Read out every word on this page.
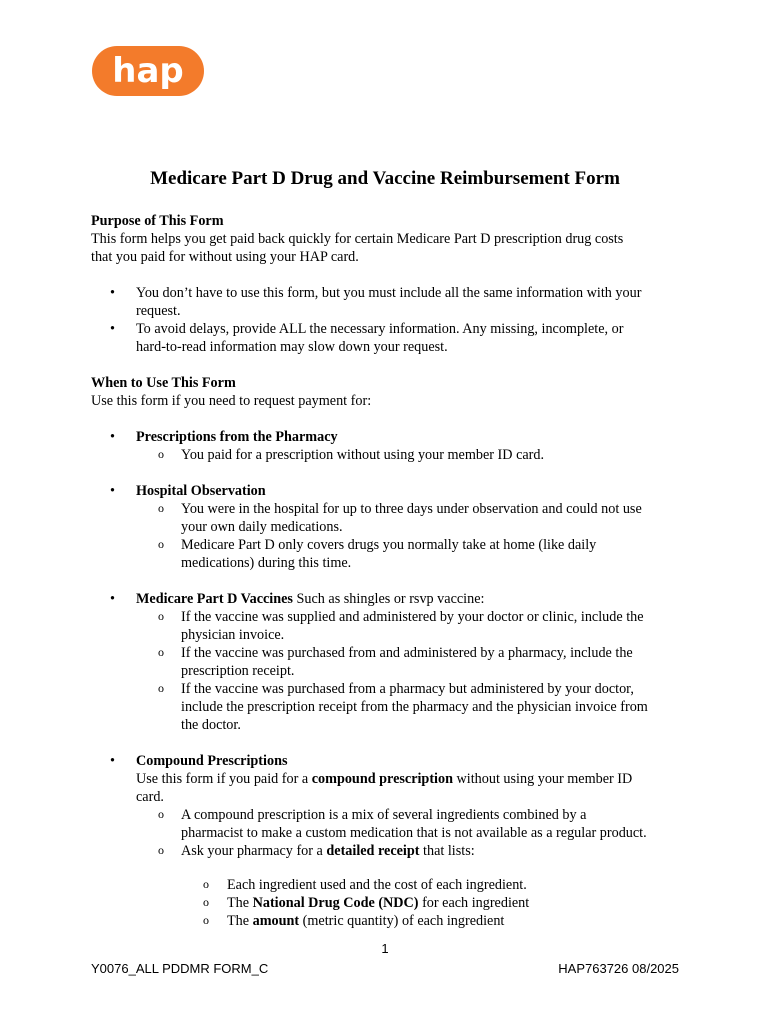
hap
Medicare Part D Drug and Vaccine Reimbursement Form

Purpose of This Form

This form helps you get paid back quickly for certain Medicare Part D prescription drug costs

that you paid for without using your HAP card.

• You don’t have to use this form, but you must include all the same information with your
request.
• To avoid delays, provide ALL the necessary information. Any missing, incomplete, or
hard-to-read information may slow down your request.

When to Use This Form

Use this form if you need to request payment for:

• Prescriptions from the Pharmacy
o You paid for a prescription without using your member ID card.
• Hospital Observation
o You were in the hospital for up to three days under observation and could not use
your own daily medications.
o Medicare Part D only covers drugs you normally take at home (like daily
medications) during this time.
• Medicare Part D Vaccines Such as shingles or rsvp vaccine:
o If the vaccine was supplied and administered by your doctor or clinic, include the
physician invoice.
o If the vaccine was purchased from and administered by a pharmacy, include the
prescription receipt.
o If the vaccine was purchased from a pharmacy but administered by your doctor,
include the prescription receipt from the pharmacy and the physician invoice from
the doctor.
• Compound Prescriptions
Use this form if you paid for a compound prescription without using your member ID
card.
o A compound prescription is a mix of several ingredients combined by a
pharmacist to make a custom medication that is not available as a regular product.
o Ask your pharmacy for a detailed receipt that lists:
o Each ingredient used and the cost of each ingredient.
o The National Drug Code (NDC) for each ingredient
o The amount (metric quantity) of each ingredient
1
Y0076_ALL PDDMR FORM_C	HAP763726 08/2025
